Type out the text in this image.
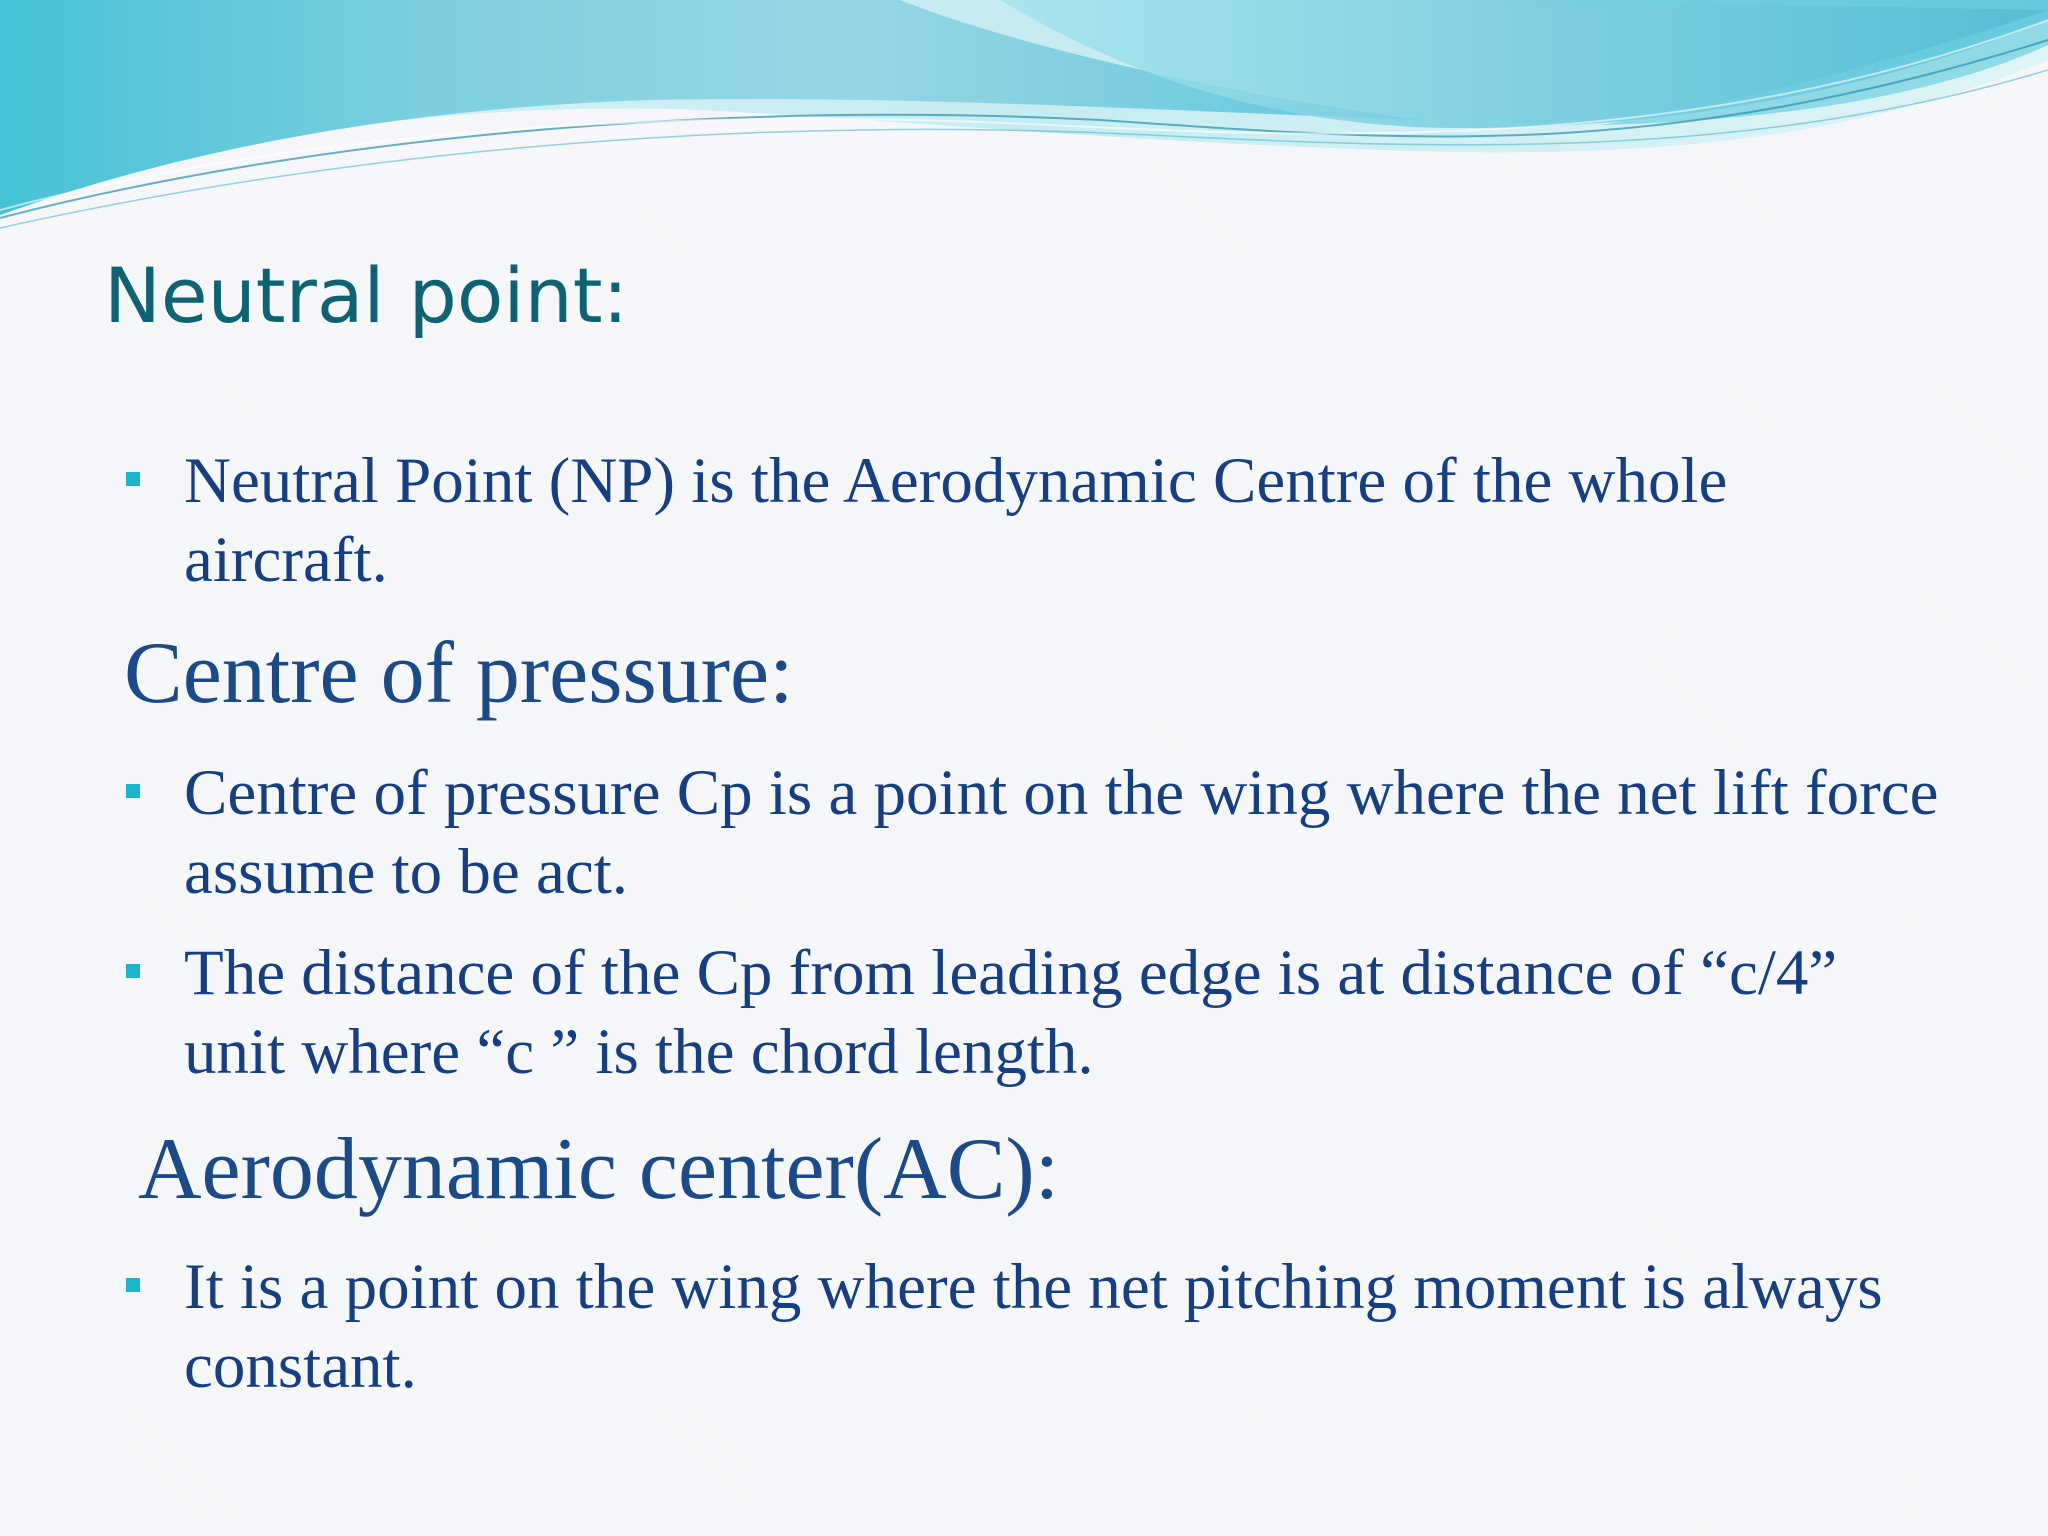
Neutral point:
Neutral Point (NP) is the Aerodynamic Centre of the whole aircraft.
Centre of pressure:
Centre of pressure Cp is a point on the wing where the net lift force assume to be act.
The distance of the Cp from leading edge is at distance of “c/4” unit where “c ” is the chord length.
Aerodynamic center(AC):
It is a point on the wing where the net pitching moment is always constant.
